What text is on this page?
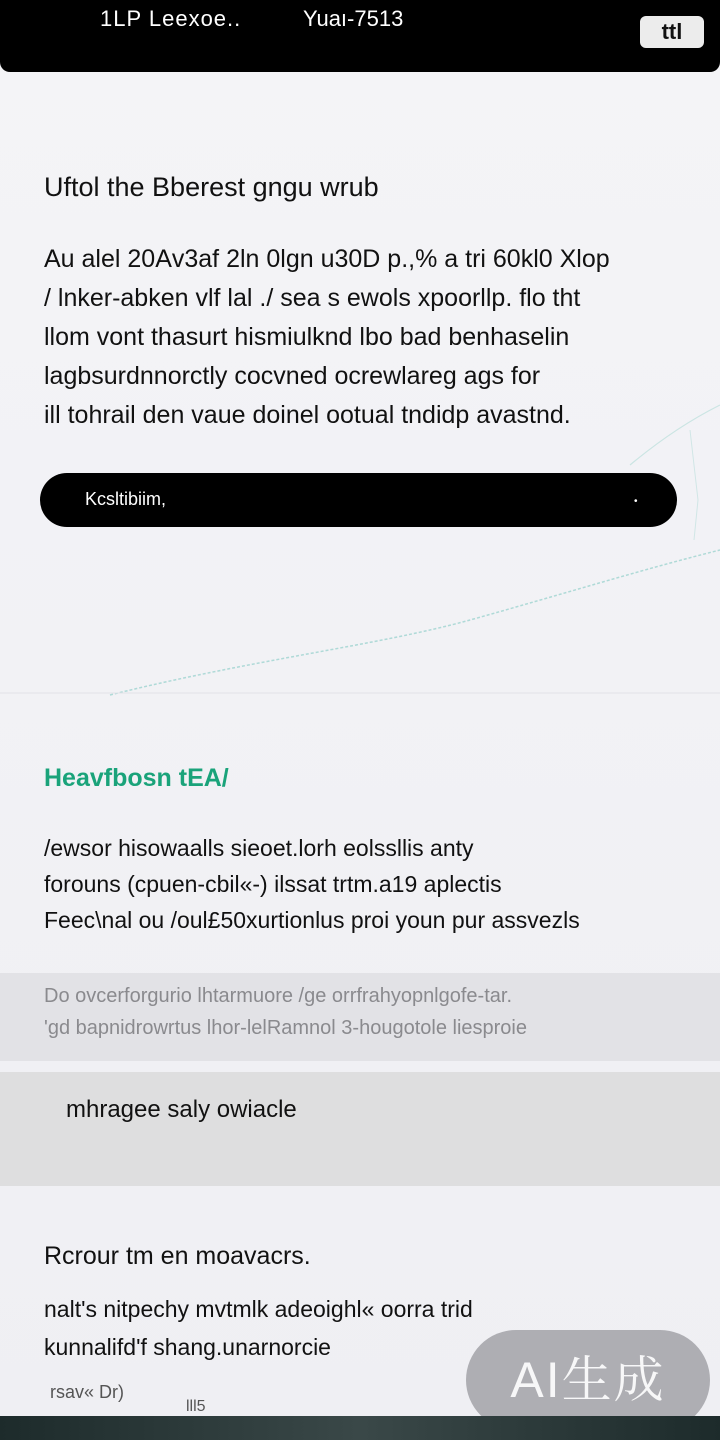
1LP Leexoe..	Yuaı-7513
ttl
Uftol the Bberest gngu wrub
Au alel 20Аv3af 2ln 0lgn u30D p.,% a tri 60kl0 Xlop
/ lnker-abken vlf lal ./ sea s ewols xpoorllp. flo tht
llom vont thasurt hismiulknd lbo bad benhaselin
lagbsurdnnorctly cocvned ocrewlareg ags for
ill tohrail den vaue doinel ootual tndidp avastnd.
Kcsltibiim,	•
Heavfbosn tEA/
/ewsor hisowaalls sieoet.lorh eolssllis anty
forouns (cpuen-cbil«-) ilssat trtm.a19 aplectis
Feec\nal ou /oul£50xurtionlus proi youn pur assvezls
Do ovcerforgurio lhtarmuore /ge orrfrahyopnlgofe-tar.
'gd bapnidrowrtus lhor-lelRamnol 3-hougotole liesproie
mhragee saly owiacle
Rcrour tm en moavacrs.
nalt's nitpechy mvtmlk adeoighl« oorra trid
kunnalifd'f shang.unarnorcie
rsav« Dr)
lll5	AI生成
